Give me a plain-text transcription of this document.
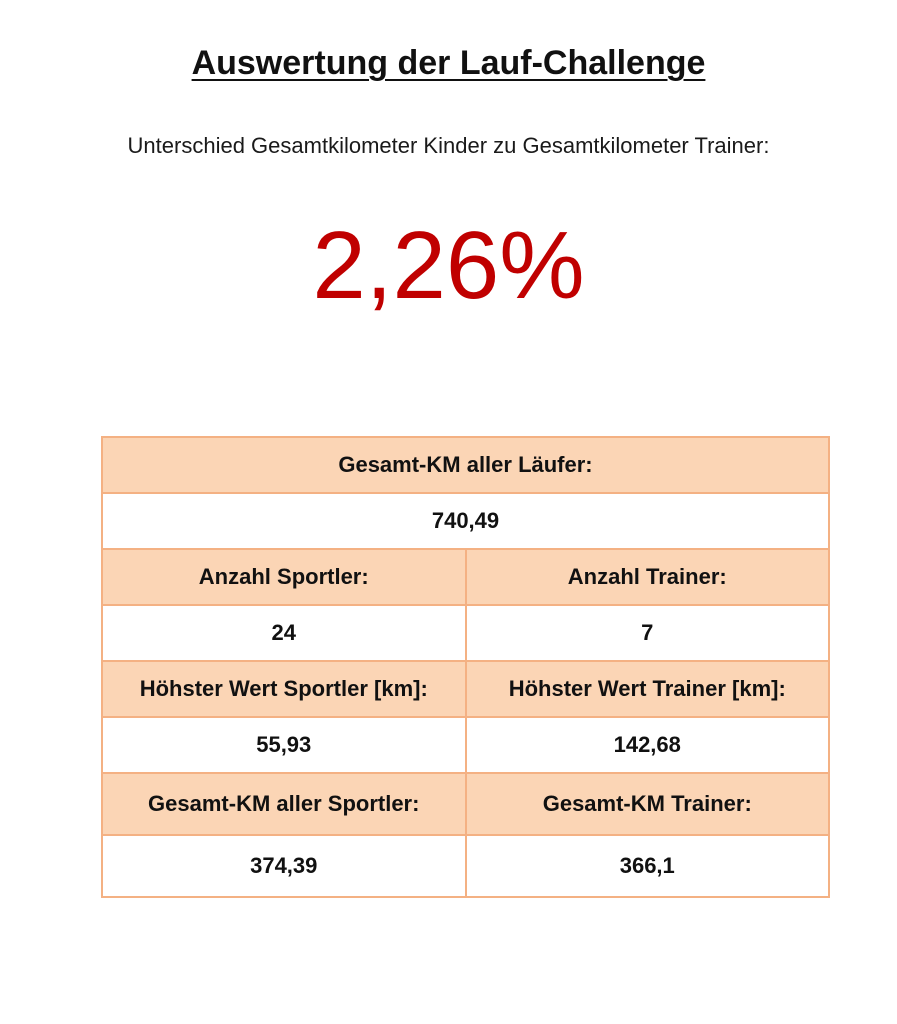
Auswertung der Lauf-Challenge
Unterschied Gesamtkilometer Kinder zu Gesamtkilometer Trainer:
2,26%
Gesamt-KM aller Läufer:	
740,49	
Anzahl Sportler:	Anzahl Trainer:
24	7
Höhster Wert Sportler [km]:	Höhster Wert Trainer [km]:
55,93	142,68
Gesamt-KM aller Sportler:	Gesamt-KM Trainer:
374,39	366,1
